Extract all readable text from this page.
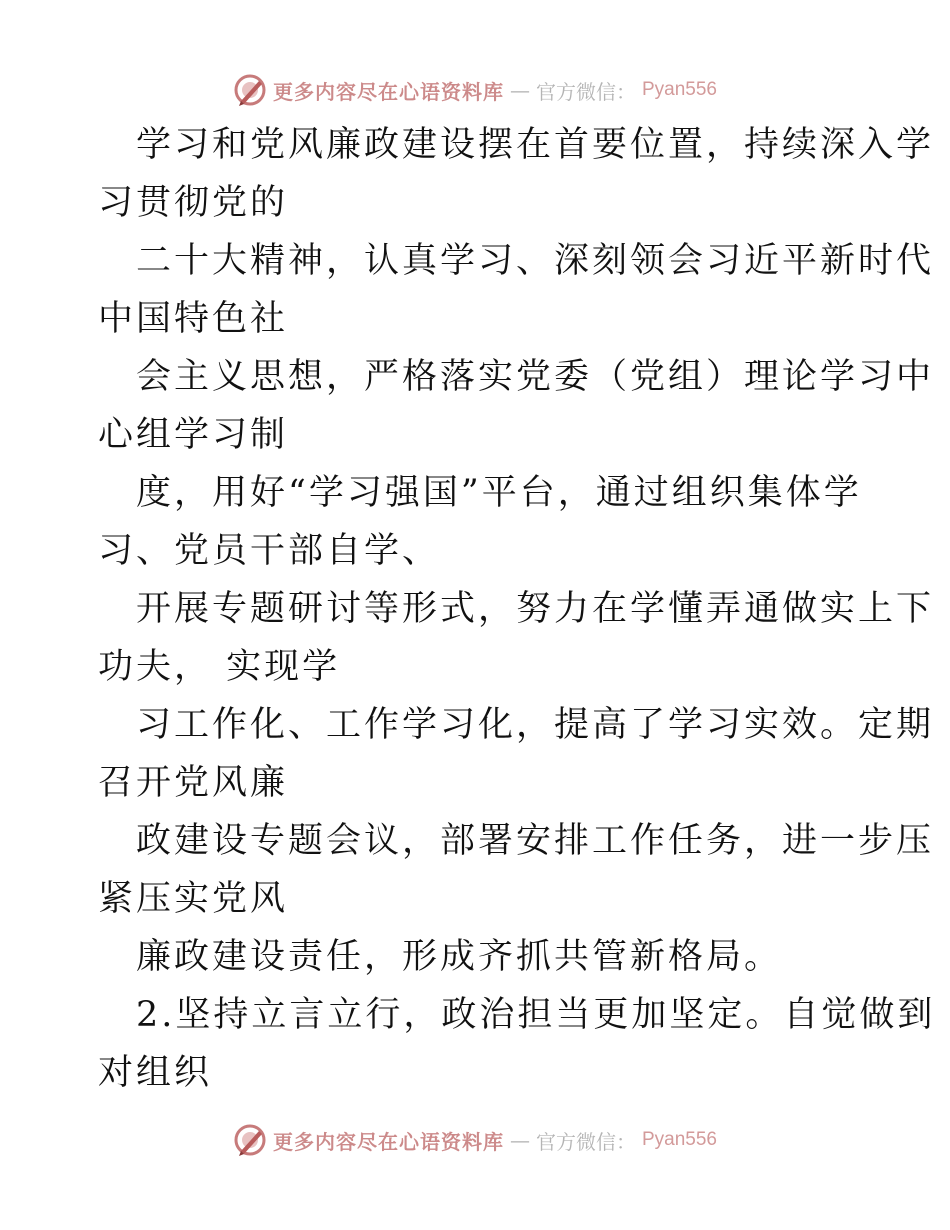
更多内容尽在心语资料库 — 官方微信： Pyan556
学习和党风廉政建设摆在首要位置，持续深入学
习贯彻党的
二十大精神，认真学习、深刻领会习近平新时代
中国特色社
会主义思想，严格落实党委（党组）理论学习中
心组学习制
度，用好“学习强国”平台，通过组织集体学
习、党员干部自学、
开展专题研讨等形式，努力在学懂弄通做实上下
功夫， 实现学
习工作化、工作学习化，提高了学习实效。定期
召开党风廉
政建设专题会议，部署安排工作任务，进一步压
紧压实党风
廉政建设责任，形成齐抓共管新格局。
2.坚持立言立行，政治担当更加坚定。自觉做到
对组织
更多内容尽在心语资料库 — 官方微信： Pyan556
